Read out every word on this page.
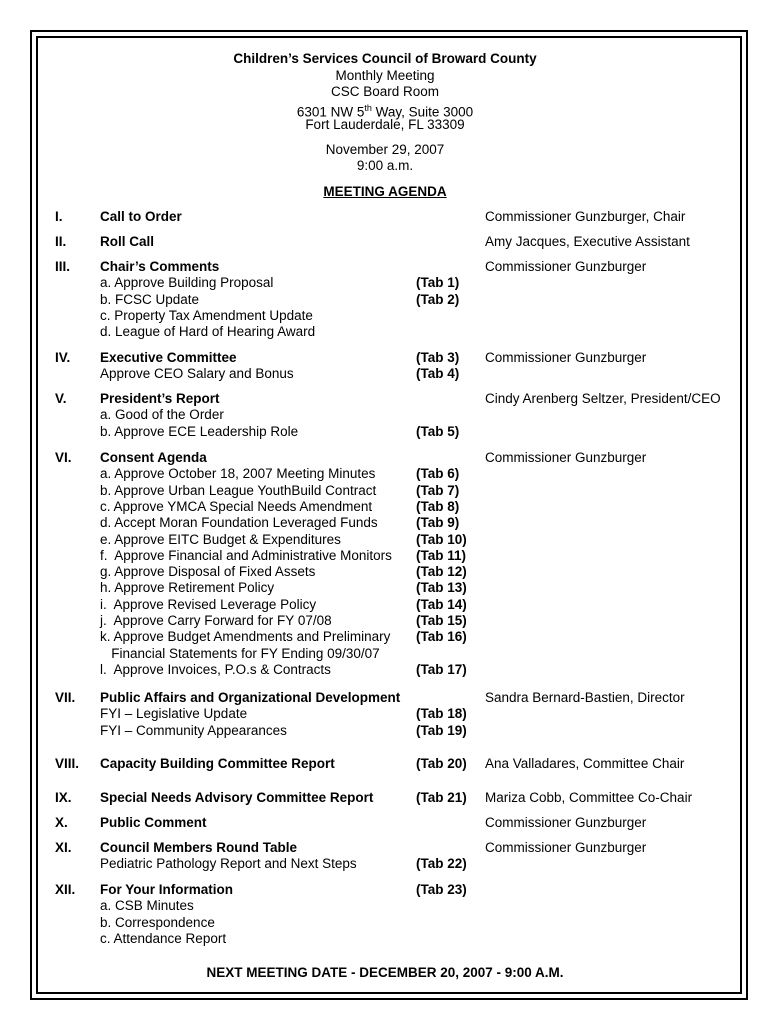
Children’s Services Council of Broward County
Monthly Meeting
CSC Board Room
6301 NW 5th Way, Suite 3000
Fort Lauderdale, FL 33309
November 29, 2007
9:00 a.m.
MEETING AGENDA
I.	Call to Order	Commissioner Gunzburger, Chair
II. Roll Call	Amy Jacques, Executive Assistant
III. Chair’s Comments	Commissioner Gunzburger
a. Approve Building Proposal	(Tab 1)
b. FCSC Update	(Tab 2)
c. Property Tax Amendment Update
d. League of Hard of Hearing Award
IV. Executive Committee	(Tab 3) Commissioner Gunzburger
Approve CEO Salary and Bonus	(Tab 4)
V. President’s Report	Cindy Arenberg Seltzer, President/CEO
a. Good of the Order
b. Approve ECE Leadership Role	(Tab 5)
VI. Consent Agenda	Commissioner Gunzburger
a. Approve October 18, 2007 Meeting Minutes	(Tab 6)
b. Approve Urban League YouthBuild Contract	(Tab 7)
c. Approve YMCA Special Needs Amendment	(Tab 8)
d. Accept Moran Foundation Leveraged Funds	(Tab 9)
e. Approve EITC Budget & Expenditures	(Tab 10)
f.  Approve Financial and Administrative Monitors (Tab 11)
g. Approve Disposal of Fixed Assets	(Tab 12)
h. Approve Retirement Policy	(Tab 13)
i.  Approve Revised Leverage Policy	(Tab 14)
j.  Approve Carry Forward for FY 07/08	(Tab 15)
k. Approve Budget Amendments and Preliminary (Tab 16)
Financial Statements for FY Ending 09/30/07
l.  Approve Invoices, P.O.s & Contracts	(Tab 17)
VII. Public Affairs and Organizational Development	Sandra Bernard-Bastien, Director
FYI – Legislative Update	(Tab 18)
FYI – Community Appearances	(Tab 19)
VIII. Capacity Building Committee Report	(Tab 20) Ana Valladares, Committee Chair
IX. Special Needs Advisory Committee Report	(Tab 21) Mariza Cobb, Committee Co-Chair
X. Public Comment	Commissioner Gunzburger
XI. Council Members Round Table	Commissioner Gunzburger
Pediatric Pathology Report and Next Steps	(Tab 22)
XII. For Your Information	(Tab 23)
a. CSB Minutes
b. Correspondence
c. Attendance Report
NEXT MEETING DATE - DECEMBER 20, 2007 - 9:00 A.M.
